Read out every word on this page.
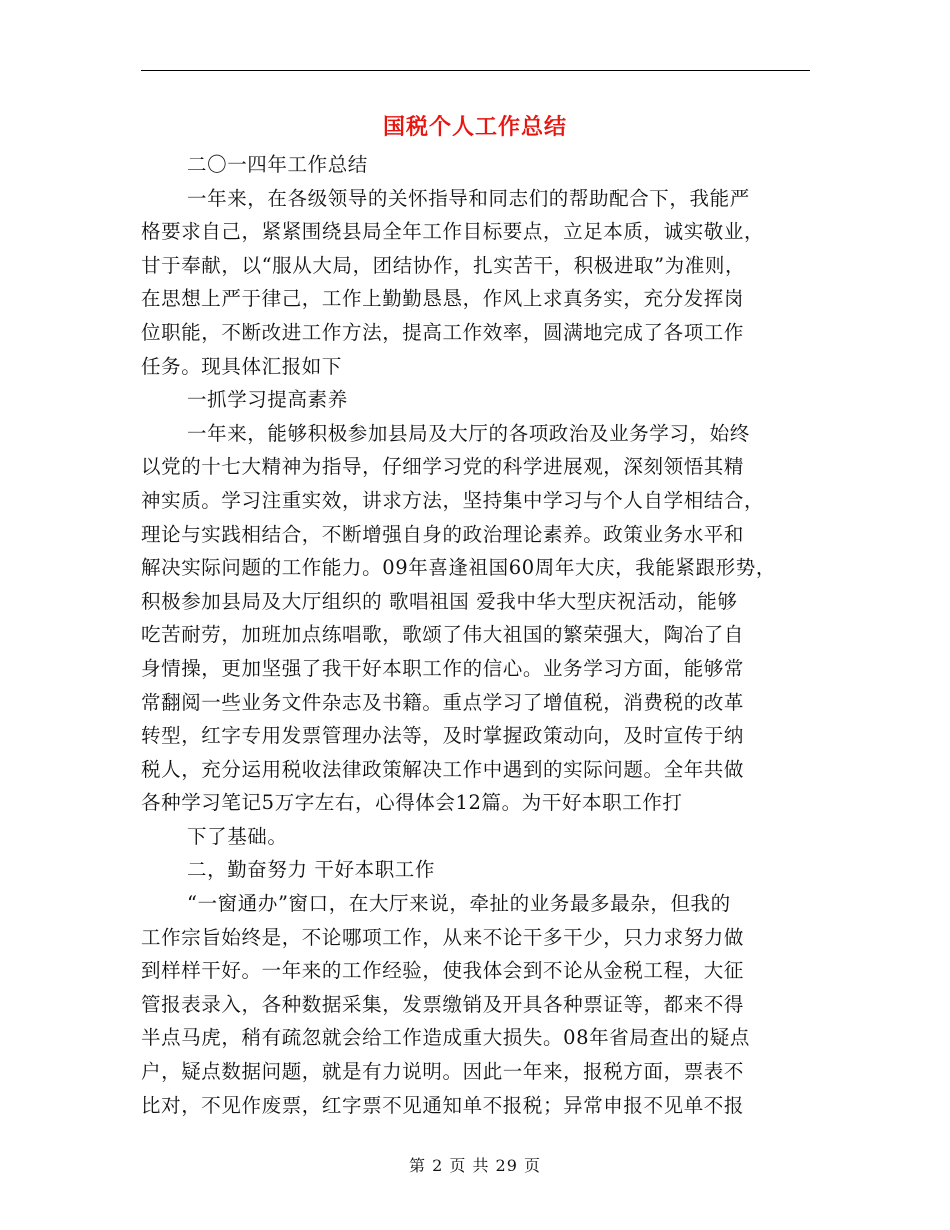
国税个人工作总结
二〇一四年工作总结
一年来，在各级领导的关怀指导和同志们的帮助配合下，我能严
格要求自己，紧紧围绕县局全年工作目标要点，立足本质，诚实敬业，
甘于奉献，以“服从大局，团结协作，扎实苦干，积极进取”为准则，
在思想上严于律己，工作上勤勤恳恳，作风上求真务实，充分发挥岗
位职能，不断改进工作方法，提高工作效率，圆满地完成了各项工作
任务。现具体汇报如下
一抓学习提高素养
一年来，能够积极参加县局及大厅的各项政治及业务学习，始终
以党的十七大精神为指导，仔细学习党的科学进展观，深刻领悟其精
神实质。学习注重实效，讲求方法，坚持集中学习与个人自学相结合，
理论与实践相结合，不断增强自身的政治理论素养。政策业务水平和
解决实际问题的工作能力。09年喜逢祖国60周年大庆，我能紧跟形势，
积极参加县局及大厅组织的 歌唱祖国 爱我中华大型庆祝活动，能够
吃苦耐劳，加班加点练唱歌，歌颂了伟大祖国的繁荣强大，陶冶了自
身情操，更加坚强了我干好本职工作的信心。业务学习方面，能够常
常翻阅一些业务文件杂志及书籍。重点学习了增值税，消费税的改革
转型，红字专用发票管理办法等，及时掌握政策动向，及时宣传于纳
税人，充分运用税收法律政策解决工作中遇到的实际问题。全年共做
各种学习笔记5万字左右，心得体会12篇。为干好本职工作打
下了基础。
二，勤奋努力 干好本职工作
“一窗通办”窗口，在大厅来说，牵扯的业务最多最杂，但我的
工作宗旨始终是，不论哪项工作，从来不论干多干少，只力求努力做
到样样干好。一年来的工作经验，使我体会到不论从金税工程，大征
管报表录入，各种数据采集，发票缴销及开具各种票证等，都来不得
半点马虎，稍有疏忽就会给工作造成重大损失。08年省局查出的疑点
户，疑点数据问题，就是有力说明。因此一年来，报税方面，票表不
比对，不见作废票，红字票不见通知单不报税；异常申报不见单不报
第 2 页 共 29 页
